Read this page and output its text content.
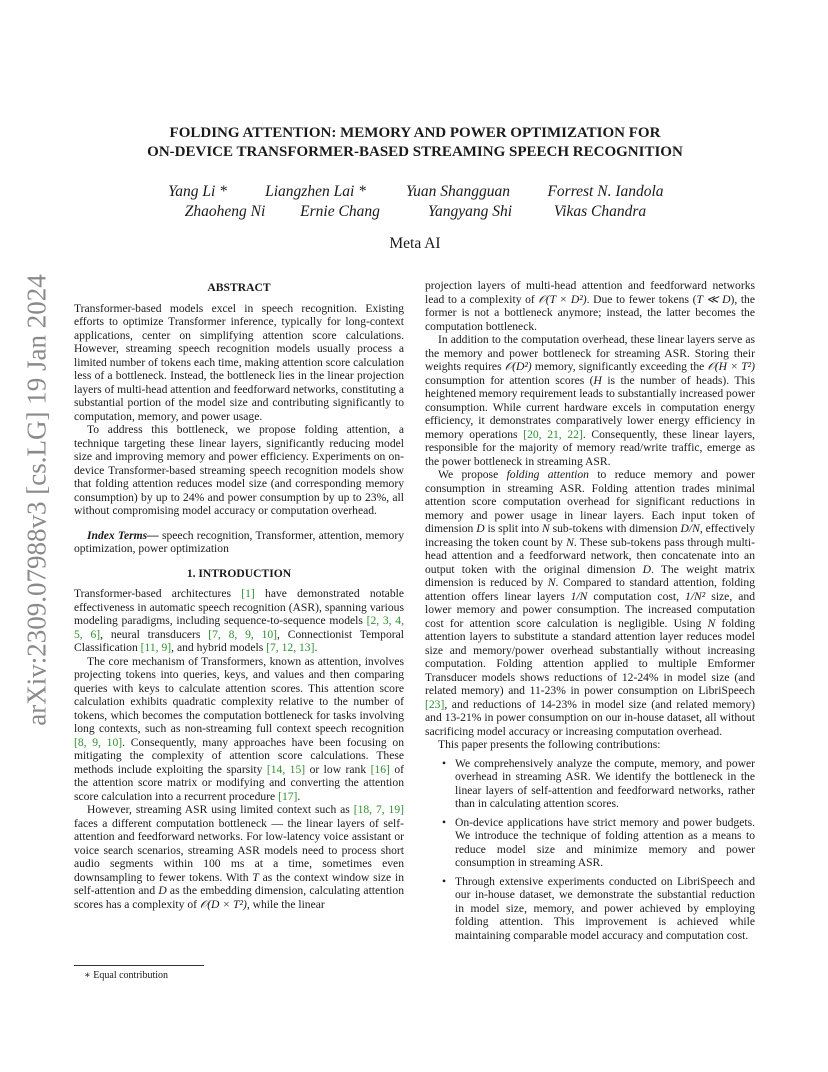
arXiv:2309.07988v3 [cs.LG] 19 Jan 2024
FOLDING ATTENTION: MEMORY AND POWER OPTIMIZATION FOR
ON-DEVICE TRANSFORMER-BASED STREAMING SPEECH RECOGNITION
Yang Li *	Liangzhen Lai *	Yuan Shangguan	Forrest N. Iandola
Zhaoheng Ni	Ernie Chang	Yangyang Shi	Vikas Chandra
Meta AI
ABSTRACT

Transformer-based models excel in speech recognition. Existing efforts to optimize Transformer inference, typically for long-context applications, center on simplifying attention score calculations. However, streaming speech recognition models usually process a limited number of tokens each time, making attention score calculation less of a bottleneck. Instead, the bottleneck lies in the linear projection layers of multi-head attention and feedforward networks, constituting a substantial portion of the model size and contributing significantly to computation, memory, and power usage.

To address this bottleneck, we propose folding attention, a technique targeting these linear layers, significantly reducing model size and improving memory and power efficiency. Experiments on on-device Transformer-based streaming speech recognition models show that folding attention reduces model size (and corresponding memory consumption) by up to 24% and power consumption by up to 23%, all without compromising model accuracy or computation overhead.

Index Terms— speech recognition, Transformer, attention, memory optimization, power optimization

1. INTRODUCTION

Transformer-based architectures [1] have demonstrated notable effectiveness in automatic speech recognition (ASR), spanning various modeling paradigms, including sequence-to-sequence models [2, 3, 4, 5, 6], neural transducers [7, 8, 9, 10], Connectionist Temporal Classification [11, 9], and hybrid models [7, 12, 13].

The core mechanism of Transformers, known as attention, involves projecting tokens into queries, keys, and values and then comparing queries with keys to calculate attention scores. This attention score calculation exhibits quadratic complexity relative to the number of tokens, which becomes the computation bottleneck for tasks involving long contexts, such as non-streaming full context speech recognition [8, 9, 10]. Consequently, many approaches have been focusing on mitigating the complexity of attention score calculations. These methods include exploiting the sparsity [14, 15] or low rank [16] of the attention score matrix or modifying and converting the attention score calculation into a recurrent procedure [17].

However, streaming ASR using limited context such as [18, 7, 19] faces a different computation bottleneck — the linear layers of self-attention and feedforward networks. For low-latency voice assistant or voice search scenarios, streaming ASR models need to process short audio segments within 100 ms at a time, sometimes even downsampling to fewer tokens. With T as the context window size in self-attention and D as the embedding dimension, calculating attention scores has a complexity of 𝒪(D × T²), while the linear

projection layers of multi-head attention and feedforward networks lead to a complexity of 𝒪(T × D²). Due to fewer tokens (T ≪ D), the former is not a bottleneck anymore; instead, the latter becomes the computation bottleneck.

In addition to the computation overhead, these linear layers serve as the memory and power bottleneck for streaming ASR. Storing their weights requires 𝒪(D²) memory, significantly exceeding the 𝒪(H × T²) consumption for attention scores (H is the number of heads). This heightened memory requirement leads to substantially increased power consumption. While current hardware excels in computation energy efficiency, it demonstrates comparatively lower energy efficiency in memory operations [20, 21, 22]. Consequently, these linear layers, responsible for the majority of memory read/write traffic, emerge as the power bottleneck in streaming ASR.

We propose folding attention to reduce memory and power consumption in streaming ASR. Folding attention trades minimal attention score computation overhead for significant reductions in memory and power usage in linear layers. Each input token of dimension D is split into N sub-tokens with dimension D/N, effectively increasing the token count by N. These sub-tokens pass through multi-head attention and a feedforward network, then concatenate into an output token with the original dimension D. The weight matrix dimension is reduced by N. Compared to standard attention, folding attention offers linear layers 1/N computation cost, 1/N² size, and lower memory and power consumption. The increased computation cost for attention score calculation is negligible. Using N folding attention layers to substitute a standard attention layer reduces model size and memory/power overhead substantially without increasing computation. Folding attention applied to multiple Emformer Transducer models shows reductions of 12-24% in model size (and related memory) and 11-23% in power consumption on LibriSpeech [23], and reductions of 14-23% in model size (and related memory) and 13-21% in power consumption on our in-house dataset, all without sacrificing model accuracy or increasing computation overhead.

This paper presents the following contributions:

• We comprehensively analyze the compute, memory, and power overhead in streaming ASR. We identify the bottleneck in the linear layers of self-attention and feedforward networks, rather than in calculating attention scores.
• On-device applications have strict memory and power budgets. We introduce the technique of folding attention as a means to reduce model size and minimize memory and power consumption in streaming ASR.
• Through extensive experiments conducted on LibriSpeech and our in-house dataset, we demonstrate the substantial reduction in model size, memory, and power achieved by employing folding attention. This improvement is achieved while maintaining comparable model accuracy and computation cost.
∗ Equal contribution
